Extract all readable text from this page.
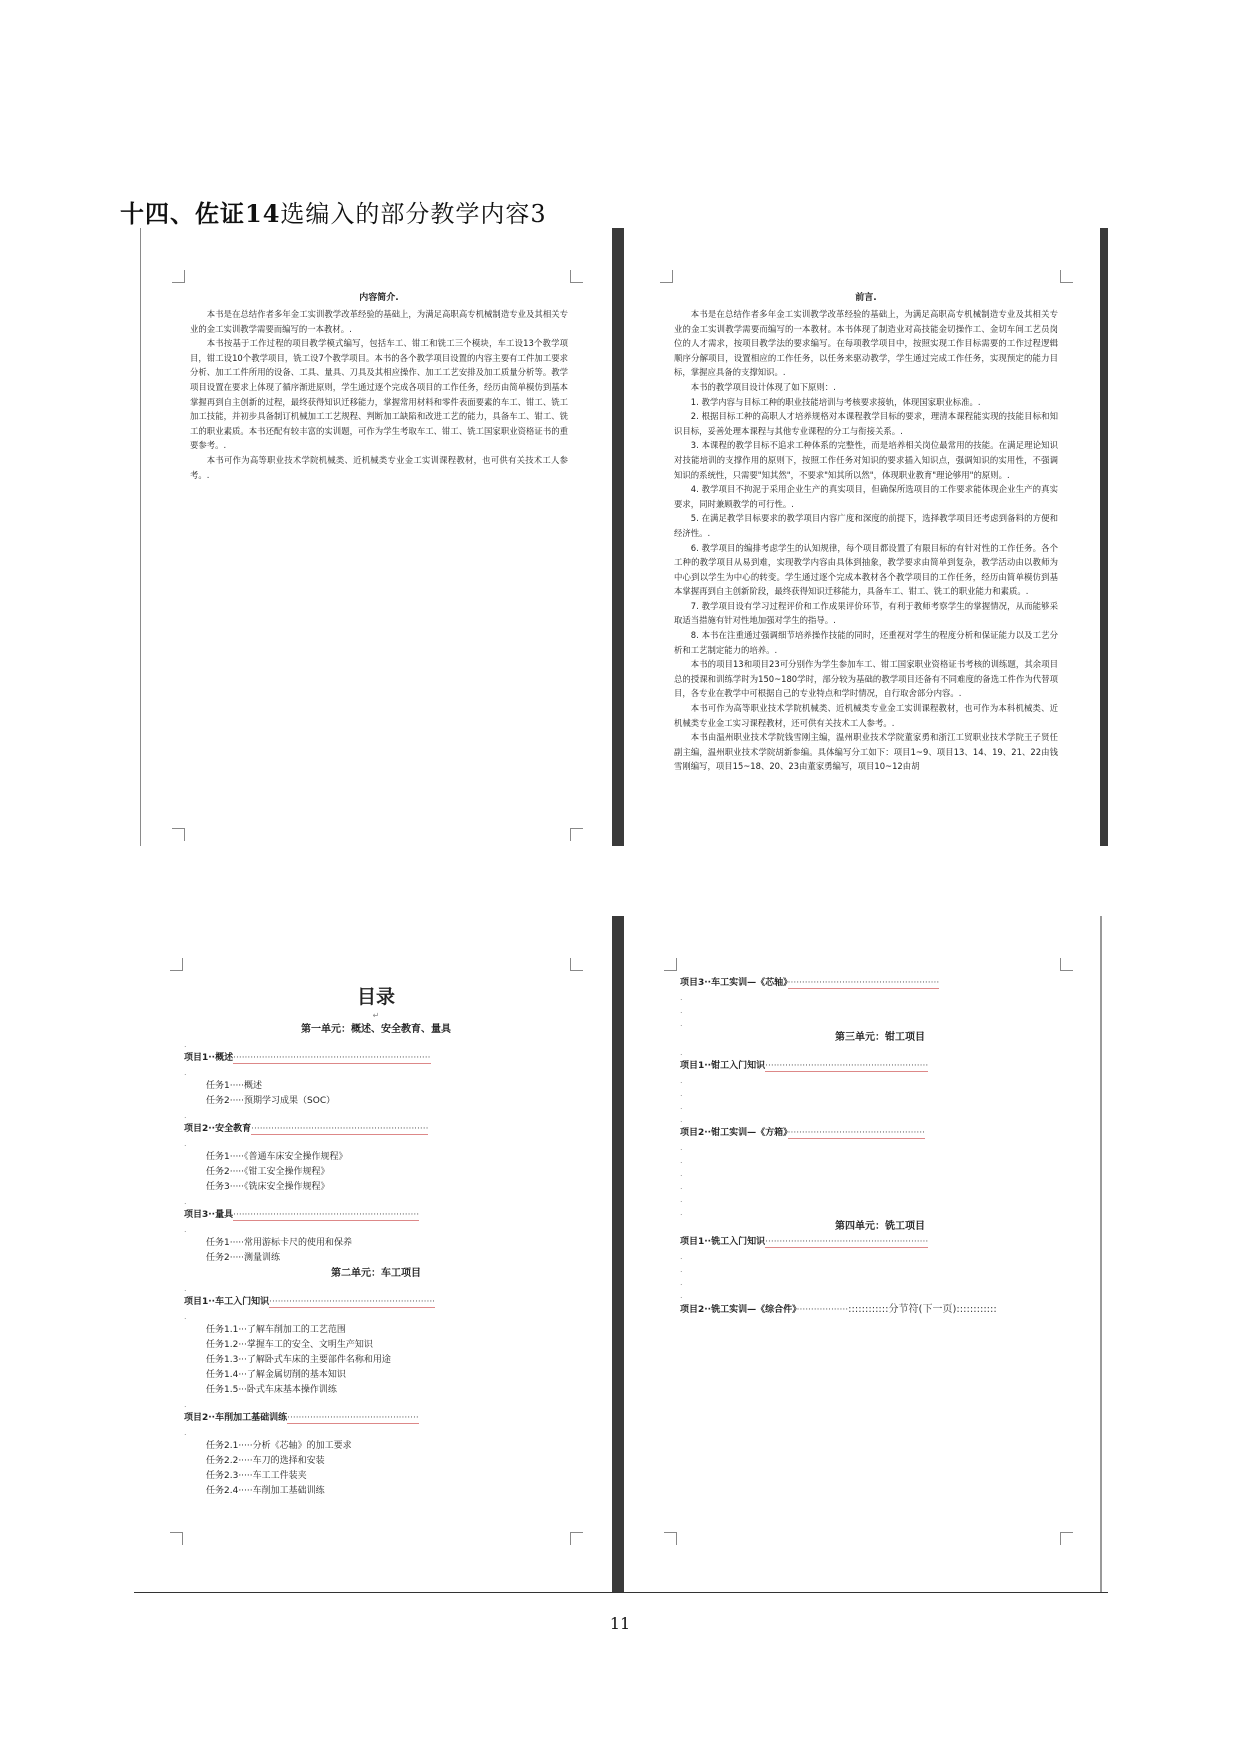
十四、佐证14选编入的部分教学内容3
内容简介.

本书是在总结作者多年金工实训教学改革经验的基础上，为满足高职高专机械制造专业及其相关专业的金工实训教学需要而编写的一本教材。.

本书按基于工作过程的项目教学模式编写，包括车工、钳工和铣工三个模块，车工设13个教学项目，钳工设10个教学项目，铣工设7个教学项目。本书的各个教学项目设置的内容主要有工件加工要求分析、加工工件所用的设备、工具、量具、刀具及其相应操作、加工工艺安排及加工质量分析等。教学项目设置在要求上体现了循序渐进原则，学生通过逐个完成各项目的工作任务，经历由简单模仿到基本掌握再到自主创新的过程，最终获得知识迁移能力，掌握常用材料和零件表面要素的车工、钳工、铣工加工技能，并初步具备制订机械加工工艺规程、判断加工缺陷和改进工艺的能力，具备车工、钳工、铣工的职业素质。本书还配有较丰富的实训题，可作为学生考取车工、钳工、铣工国家职业资格证书的重要参考。.

本书可作为高等职业技术学院机械类、近机械类专业金工实训课程教材，也可供有关技术工人参考。.

前言.

本书是在总结作者多年金工实训教学改革经验的基础上，为满足高职高专机械制造专业及其相关专业的金工实训教学需要而编写的一本教材。本书体现了制造业对高技能金切操作工、金切车间工艺员岗位的人才需求，按项目教学法的要求编写。在每项教学项目中，按照实现工作目标需要的工作过程逻辑顺序分解项目，设置相应的工作任务，以任务来驱动教学，学生通过完成工作任务，实现预定的能力目标，掌握应具备的支撑知识。.

本书的教学项目设计体现了如下原则：.

1. 教学内容与目标工种的职业技能培训与考核要求接轨，体现国家职业标准。.

2. 根据目标工种的高职人才培养规格对本课程教学目标的要求，理清本课程能实现的技能目标和知识目标，妥善处理本课程与其他专业课程的分工与衔接关系。.

3. 本课程的教学目标不追求工种体系的完整性，而是培养相关岗位最常用的技能。在满足理论知识对技能培训的支撑作用的原则下，按照工作任务对知识的要求插入知识点，强调知识的实用性，不强调知识的系统性，只需要"知其然"，不要求"知其所以然"，体现职业教育"理论够用"的原则。.

4. 教学项目不拘泥于采用企业生产的真实项目，但确保所选项目的工作要求能体现企业生产的真实要求，同时兼顾教学的可行性。.

5. 在满足教学目标要求的教学项目内容广度和深度的前提下，选择教学项目还考虑到备料的方便和经济性。.

6. 教学项目的编排考虑学生的认知规律，每个项目都设置了有限目标的有针对性的工作任务。各个工种的教学项目从易到难，实现教学内容由具体到抽象，教学要求由简单到复杂，教学活动由以教师为中心到以学生为中心的转变。学生通过逐个完成本教材各个教学项目的工作任务，经历由简单模仿到基本掌握再到自主创新阶段，最终获得知识迁移能力，具备车工、钳工、铣工的职业能力和素质。.

7. 教学项目设有学习过程评价和工作成果评价环节，有利于教师考察学生的掌握情况，从而能够采取适当措施有针对性地加强对学生的指导。.

8. 本书在注重通过强调细节培养操作技能的同时，还重视对学生的程度分析和保证能力以及工艺分析和工艺制定能力的培养。.

本书的项目13和项目23可分别作为学生参加车工、钳工国家职业资格证书考核的训练题，其余项目总的授课和训练学时为150~180学时，部分较为基础的教学项目还备有不同难度的备选工件作为代替项目，各专业在教学中可根据自己的专业特点和学时情况，自行取舍部分内容。.

本书可作为高等职业技术学院机械类、近机械类专业金工实训课程教材，也可作为本科机械类、近机械类专业金工实习课程教材，还可供有关技术工人参考。.

本书由温州职业技术学院钱雪刚主编，温州职业技术学院董家勇和浙江工贸职业技术学院王子贤任副主编，温州职业技术学院胡新参编。具体编写分工如下：项目1~9、项目13、14、19、21、22由钱雪刚编写，项目15~18、20、23由董家勇编写，项目10~12由胡

目录
↵
第一单元：概述、安全教育、量具
.
项目1··概述·····································································
.
任务1·····概述
任务2·····预期学习成果（SOC）
.
项目2··安全教育······························································
.
任务1·····《普通车床安全操作规程》
任务2·····《钳工安全操作规程》
任务3·····《铣床安全操作规程》
.
项目3··量具·································································
.
任务1·····常用游标卡尺的使用和保养
任务2·····测量训练
第二单元：车工项目
.
项目1··车工入门知识··························································
.
任务1.1···了解车削加工的工艺范围
任务1.2···掌握车工的安全、文明生产知识
任务1.3···了解卧式车床的主要部件名称和用途
任务1.4···了解金属切削的基本知识
任务1.5···卧式车床基本操作训练
.
项目2··车削加工基础训练··············································
.
任务2.1·····分析《芯轴》的加工要求
任务2.2·····车刀的选择和安装
任务2.3·····车工工件装夹
任务2.4·····车削加工基础训练
项目3··车工实训—《芯轴》·····················································
.
.
.
第三单元：钳工项目
.
项目1··钳工入门知识·························································
.
.
.
.
项目2··钳工实训—《方箱》················································
.
.
.
.
.
.
第四单元：铣工项目
项目1··铣工入门知识·························································
.
.
.
.
项目2··铣工实训—《综合件》··················::::::::::::分节符(下一页)::::::::::::
11
